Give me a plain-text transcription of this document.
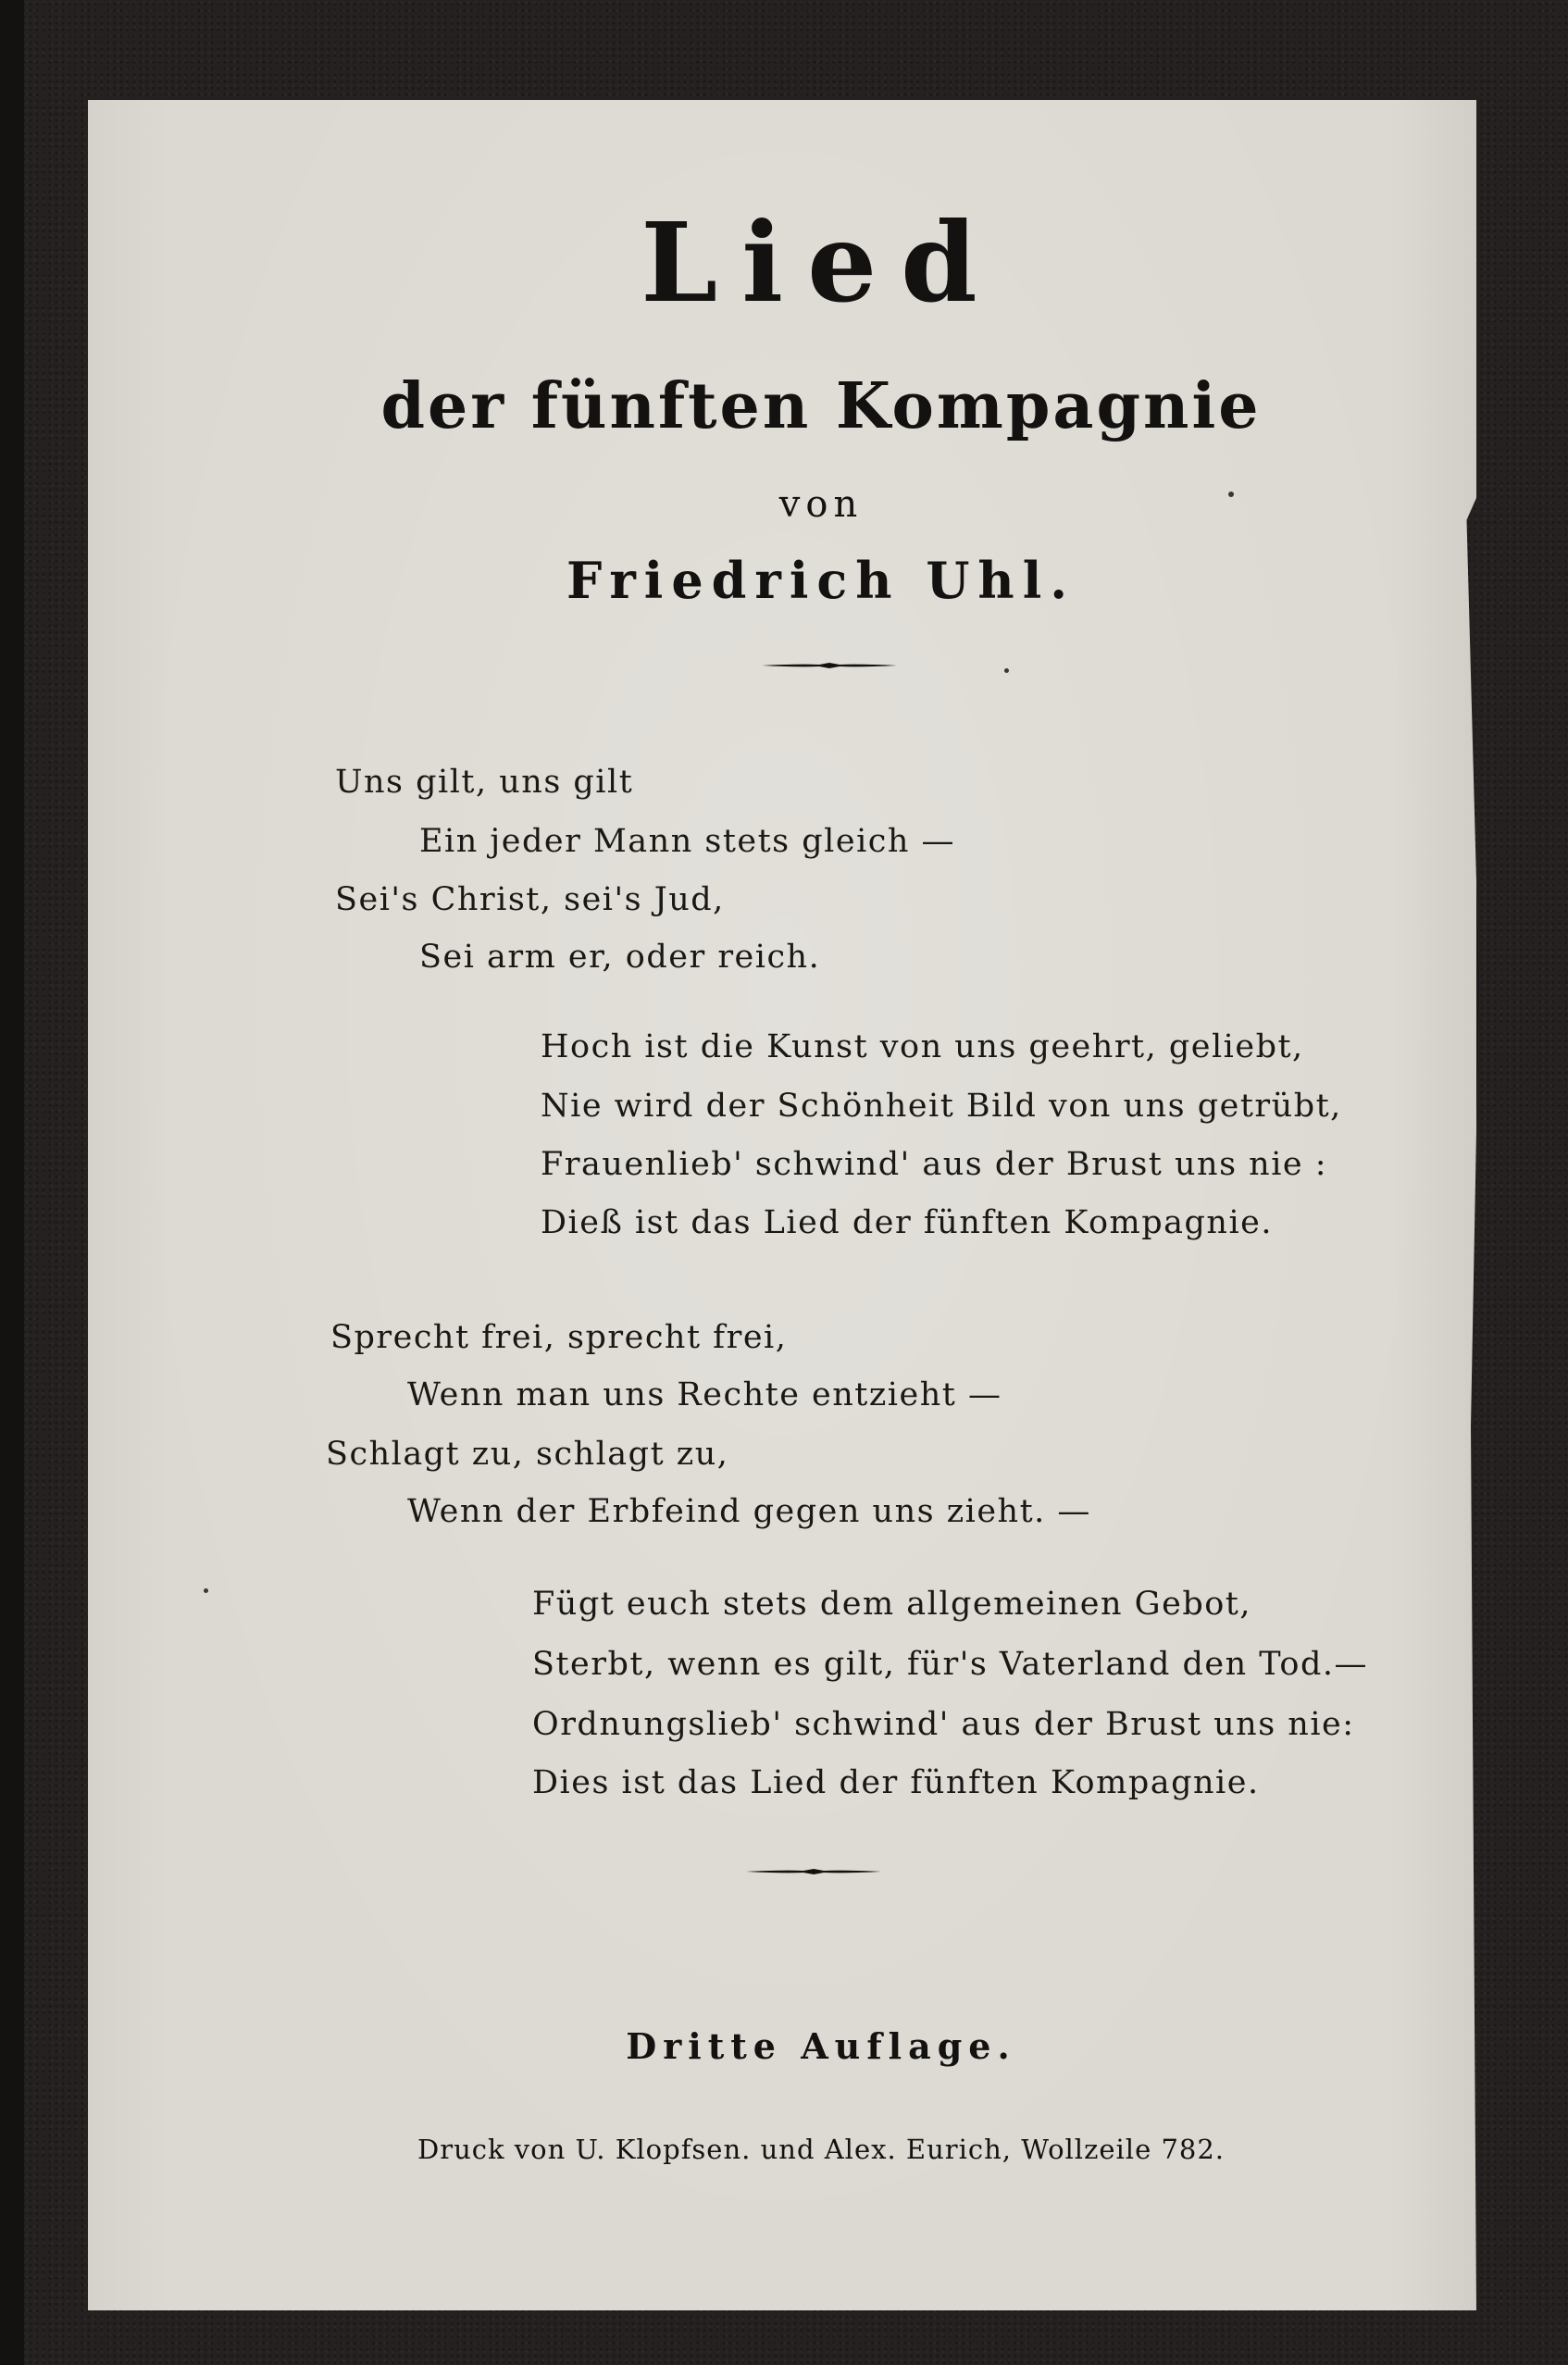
Lied
der fünften Kompagnie
von
Friedrich Uhl.
Uns gilt, uns gilt
Ein jeder Mann stets gleich —
Sei's Christ, sei's Jud,
Sei arm er, oder reich.
Hoch ist die Kunst von uns geehrt, geliebt,
Nie wird der Schönheit Bild von uns getrübt,
Frauenlieb' schwind' aus der Brust uns nie :
Dieß ist das Lied der fünften Kompagnie.
Sprecht frei, sprecht frei,
Wenn man uns Rechte entzieht —
Schlagt zu, schlagt zu,
Wenn der Erbfeind gegen uns zieht. —
Fügt euch stets dem allgemeinen Gebot,
Sterbt, wenn es gilt, für's Vaterland den Tod.—
Ordnungslieb' schwind' aus der Brust uns nie:
Dies ist das Lied der fünften Kompagnie.
Dritte Auflage.
Druck von U. Klopfsen. und Alex. Eurich, Wollzeile 782.
